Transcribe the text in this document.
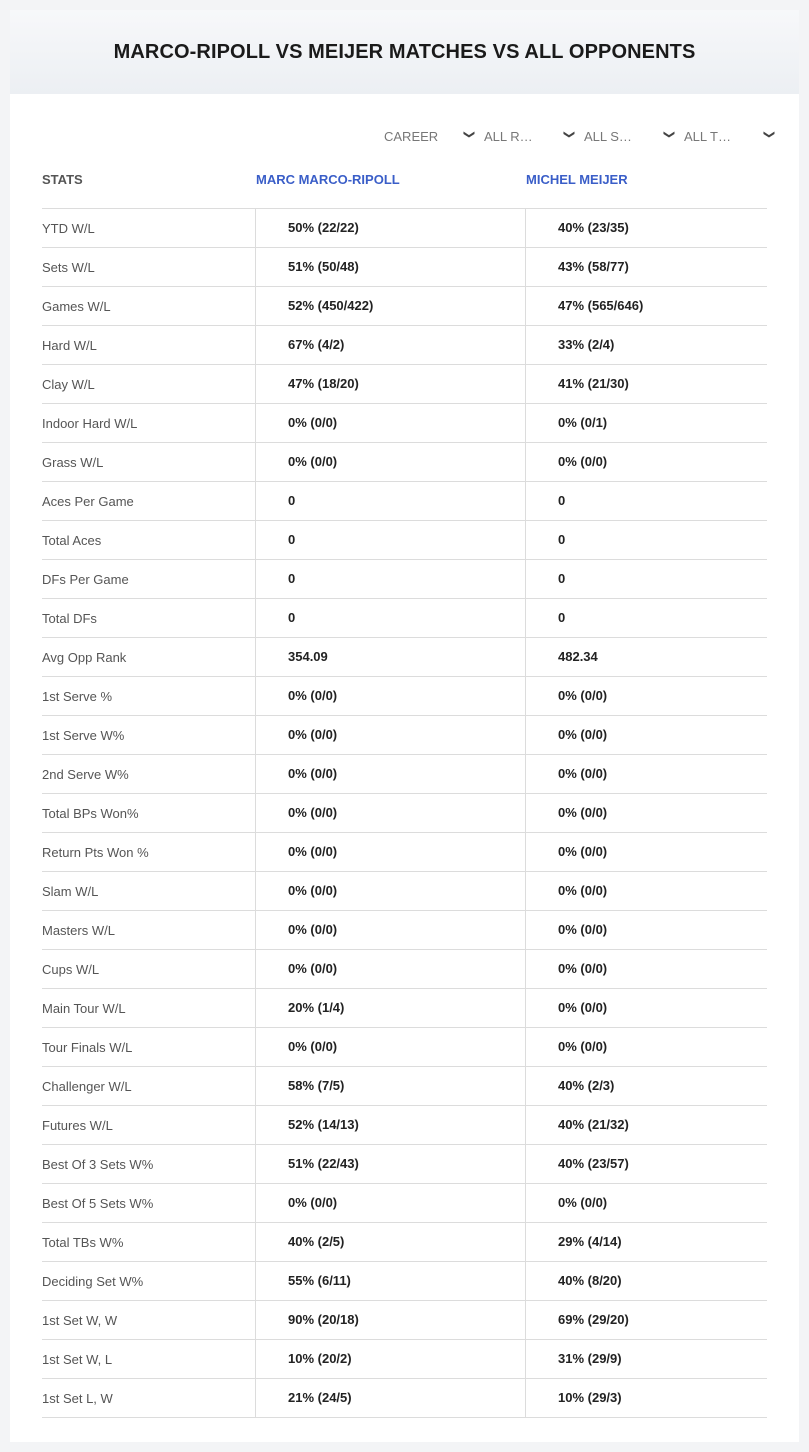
MARCO-RIPOLL VS MEIJER MATCHES VS ALL OPPONENTS
CAREER ❯ ALL R…	❯ ALL S…	❯ ALL T…	❯
STATS	MARC MARCO-RIPOLL	MICHEL MEIJER
YTD W/L	50% (22/22)	40% (23/35)
Sets W/L	51% (50/48)	43% (58/77)
Games W/L	52% (450/422)	47% (565/646)
Hard W/L	67% (4/2)	33% (2/4)
Clay W/L	47% (18/20)	41% (21/30)
Indoor Hard W/L	0% (0/0)	0% (0/1)
Grass W/L	0% (0/0)	0% (0/0)
Aces Per Game	0	0
Total Aces	0	0
DFs Per Game	0	0
Total DFs	0	0
Avg Opp Rank	354.09	482.34
1st Serve %	0% (0/0)	0% (0/0)
1st Serve W%	0% (0/0)	0% (0/0)
2nd Serve W%	0% (0/0)	0% (0/0)
Total BPs Won%	0% (0/0)	0% (0/0)
Return Pts Won %	0% (0/0)	0% (0/0)
Slam W/L	0% (0/0)	0% (0/0)
Masters W/L	0% (0/0)	0% (0/0)
Cups W/L	0% (0/0)	0% (0/0)
Main Tour W/L	20% (1/4)	0% (0/0)
Tour Finals W/L	0% (0/0)	0% (0/0)
Challenger W/L	58% (7/5)	40% (2/3)
Futures W/L	52% (14/13)	40% (21/32)
Best Of 3 Sets W%	51% (22/43)	40% (23/57)
Best Of 5 Sets W%	0% (0/0)	0% (0/0)
Total TBs W%	40% (2/5)	29% (4/14)
Deciding Set W%	55% (6/11)	40% (8/20)
1st Set W, W	90% (20/18)	69% (29/20)
1st Set W, L	10% (20/2)	31% (29/9)
1st Set L, W	21% (24/5)	10% (29/3)
